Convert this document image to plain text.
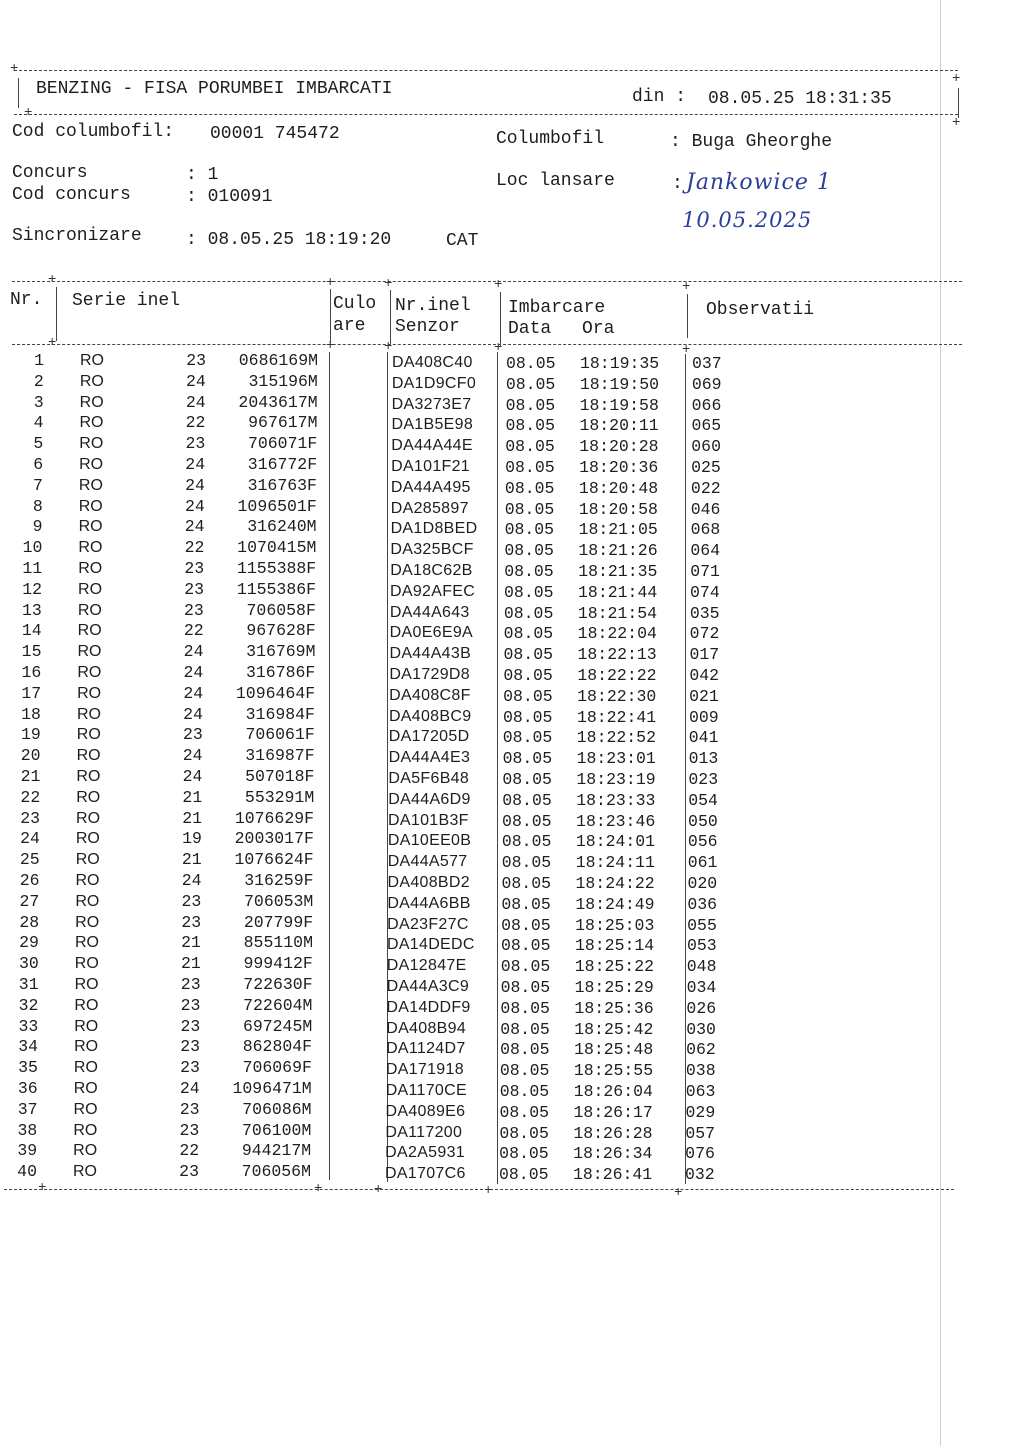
+
+
BENZING - FISA PORUMBEI IMBARCATI	din : 08.05.25 18:31:35
+
+
Cod columbofil: 00001 745472	Columbofil	: Buga Gheorghe
Concurs	: 1
Cod concurs	: 010091
Loc lansare	: Jankowice 1
10.05.2025
Sincronizare : 08.05.25 18:19:20	CAT
+	+	+	+	+
Nr. Serie inel	Culo
are
Nr.inel
Senzor
Imbarcare
Data Ora
Observatii
+	+	+	+	+
1 RO	23	0686169M	DA408C40 08.05 18:19:35 037
2 RO	24	315196M	DA1D9CF0 08.05 18:19:50 069
3 RO	24	2043617M	DA3273E7 08.05 18:19:58 066
4 RO	22	967617M	DA1B5E98 08.05 18:20:11 065
5 RO	23	706071F	DA44A44E 08.05 18:20:28 060
6 RO	24	316772F	DA101F21 08.05 18:20:36 025
7 RO	24	316763F	DA44A495 08.05 18:20:48 022
8 RO	24	1096501F	DA285897 08.05 18:20:58 046
9 RO	24	316240M	DA1D8BED 08.05 18:21:05 068
10 RO	22	1070415M	DA325BCF 08.05 18:21:26 064
11 RO	23	1155388F	DA18C62B 08.05 18:21:35 071
12 RO	23	1155386F	DA92AFEC 08.05 18:21:44 074
13 RO	23	706058F	DA44A643 08.05 18:21:54 035
14 RO	22	967628F	DA0E6E9A 08.05 18:22:04 072
15 RO	24	316769M	DA44A43B 08.05 18:22:13 017
16 RO	24	316786F	DA1729D8 08.05 18:22:22 042
17 RO	24	1096464F	DA408C8F 08.05 18:22:30 021
18 RO	24	316984F	DA408BC9 08.05 18:22:41 009
19 RO	23	706061F	DA17205D 08.05 18:22:52 041
20 RO	24	316987F	DA44A4E3 08.05 18:23:01 013
21 RO	24	507018F	DA5F6B48 08.05 18:23:19 023
22 RO	21	553291M	DA44A6D9 08.05 18:23:33 054
23 RO	21	1076629F	DA101B3F 08.05 18:23:46 050
24 RO	19	2003017F	DA10EE0B 08.05 18:24:01 056
25 RO	21	1076624F	DA44A577 08.05 18:24:11 061
26 RO	24	316259F	DA408BD2 08.05 18:24:22 020
27 RO	23	706053M	DA44A6BB 08.05 18:24:49 036
28 RO	23	207799F	DA23F27C 08.05 18:25:03 055
29 RO	21	855110M	DA14DEDC 08.05 18:25:14 053
30 RO	21	999412F	DA12847E 08.05 18:25:22 048
31 RO	23	722630F	DA44A3C9 08.05 18:25:29 034
32 RO	23	722604M	DA14DDF9 08.05 18:25:36 026
33 RO	23	697245M	DA408B94 08.05 18:25:42 030
34 RO	23	862804F	DA1124D7 08.05 18:25:48 062
35 RO	23	706069F	DA171918 08.05 18:25:55 038
36 RO	24	1096471M	DA1170CE 08.05 18:26:04 063
37 RO	23	706086M	DA4089E6 08.05 18:26:17 029
38 RO	23	706100M	DA117200 08.05 18:26:28 057
39 RO	22	944217M	DA2A5931 08.05 18:26:34 076
40 RO	23	706056M	DA1707C6 08.05 18:26:41 032
+	+	+	+	+
